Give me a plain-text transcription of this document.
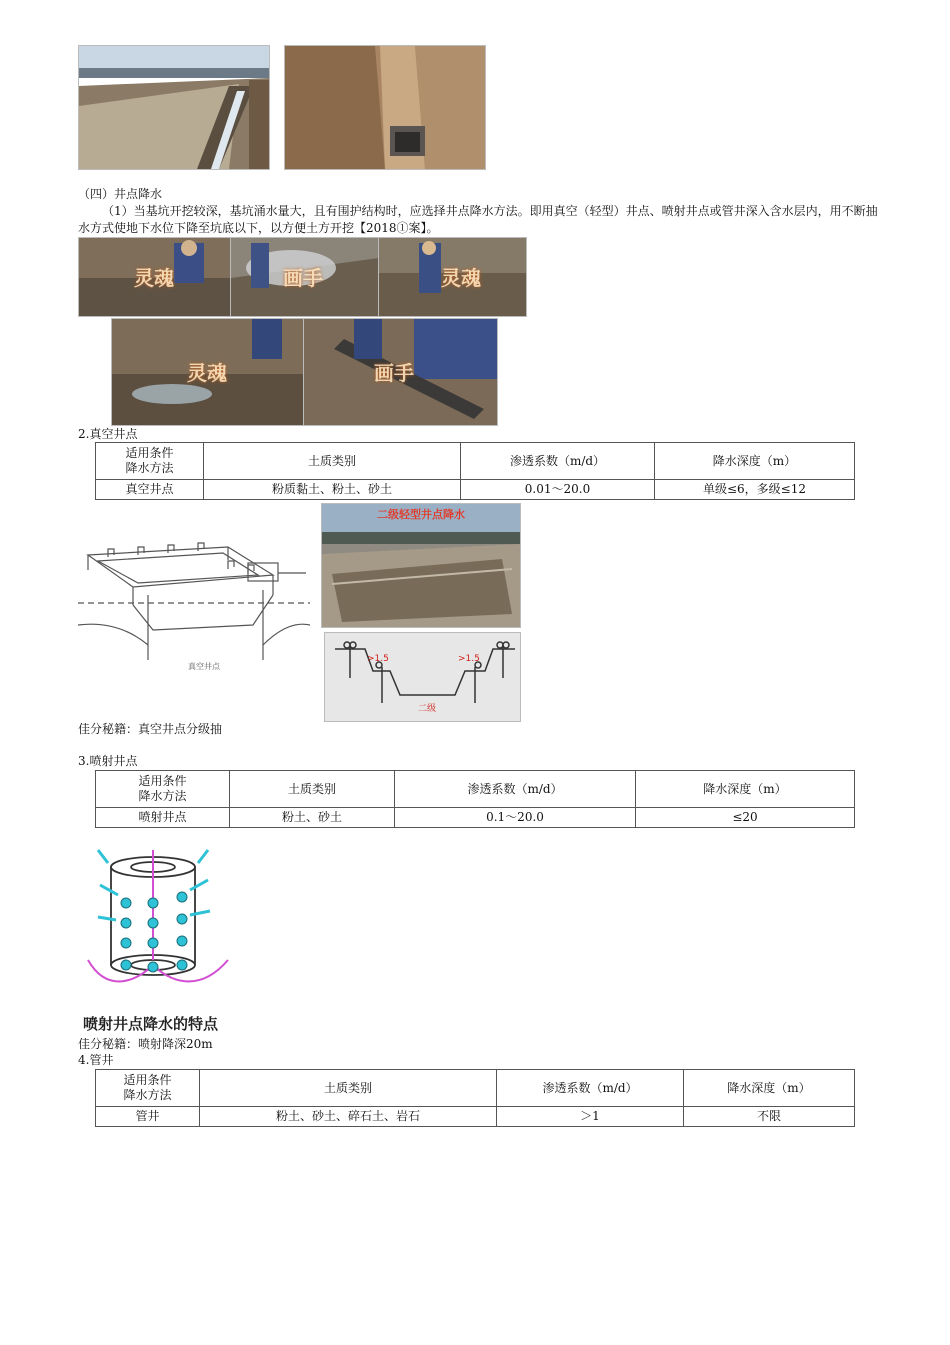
（四）井点降水
（1）当基坑开挖较深，基坑涌水量大，且有围护结构时，应选择井点降水方法。即用真空（轻型）井点、喷射井点或管井深入含水层内，用不断抽水方式使地下水位下降至坑底以下，以方便土方开挖【2018①案】。
灵魂	画手	灵魂
灵魂	画手
2.真空井点
适用条件
降水方法	土质类别	渗透系数（m/d）	降水深度（m）
真空井点	粉质黏土、粉土、砂土	0.01～20.0	单级≤6，多级≤12
真空井点
二级轻型井点降水
>1.5	>1.5
二级
佳分秘籍：真空井点分级抽
3.喷射井点
适用条件
降水方法	土质类别	渗透系数（m/d）	降水深度（m）
喷射井点	粉土、砂土	0.1～20.0	≤20
喷射井点降水的特点
佳分秘籍：喷射降深20m
4.管井
适用条件
降水方法	土质类别	渗透系数（m/d）	降水深度（m）
管井	粉土、砂土、碎石土、岩石	＞1	不限
